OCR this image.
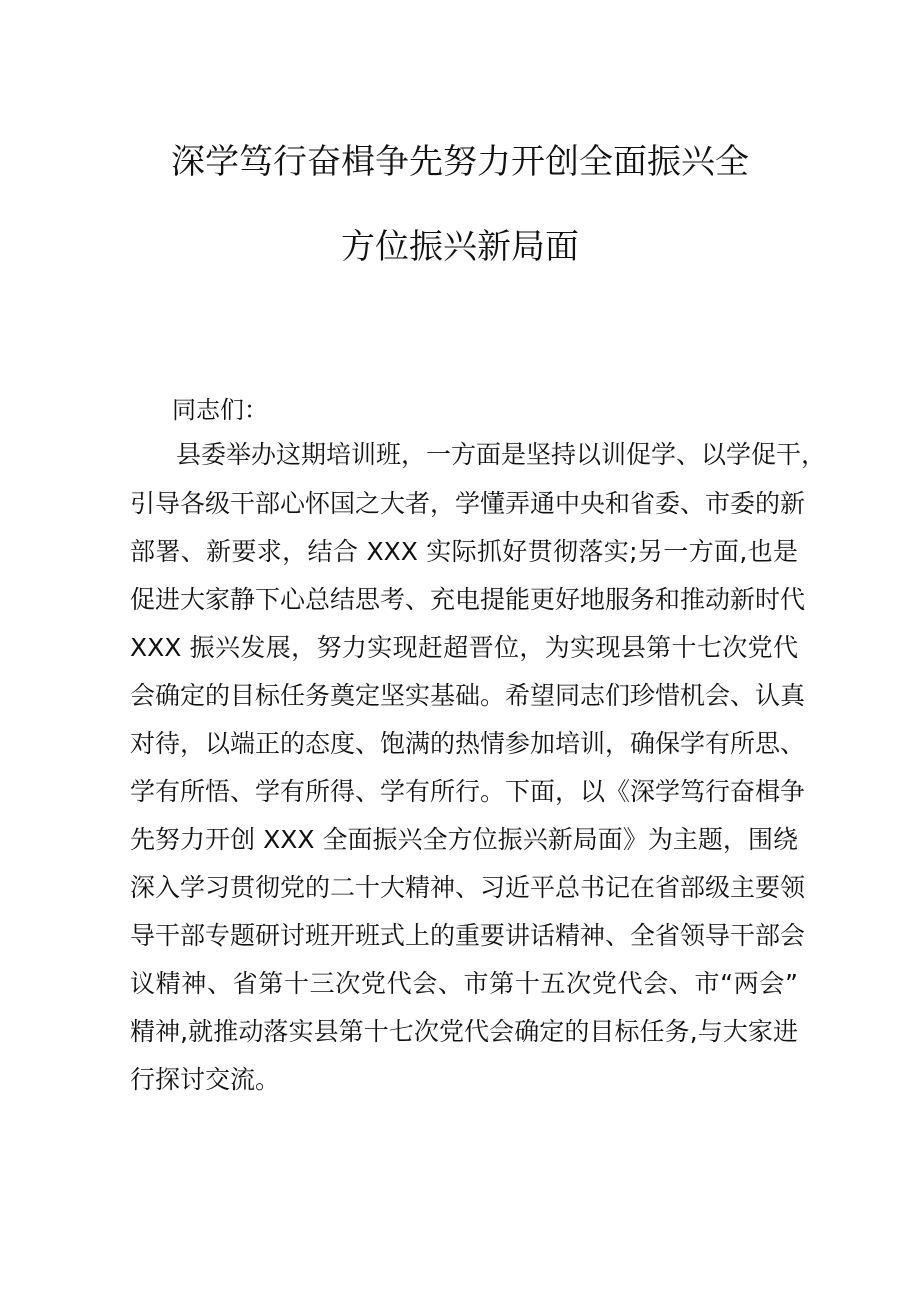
深学笃行奋楫争先努力开创全面振兴全
方位振兴新局面
同志们：
县委举办这期培训班，一方面是坚持以训促学、以学促干，
引导各级干部心怀国之大者，学懂弄通中央和省委、市委的新
部署、新要求，结合 XXX 实际抓好贯彻落实;另一方面,也是
促进大家静下心总结思考、充电提能更好地服务和推动新时代
XXX 振兴发展，努力实现赶超晋位，为实现县第十七次党代
会确定的目标任务奠定坚实基础。希望同志们珍惜机会、认真
对待，以端正的态度、饱满的热情参加培训，确保学有所思、
学有所悟、学有所得、学有所行。下面，以《深学笃行奋楫争
先努力开创 XXX 全面振兴全方位振兴新局面》为主题，围绕
深入学习贯彻党的二十大精神、习近平总书记在省部级主要领
导干部专题研讨班开班式上的重要讲话精神、全省领导干部会
议精神、省第十三次党代会、市第十五次党代会、市“两会”
精神,就推动落实县第十七次党代会确定的目标任务,与大家进
行探讨交流。
